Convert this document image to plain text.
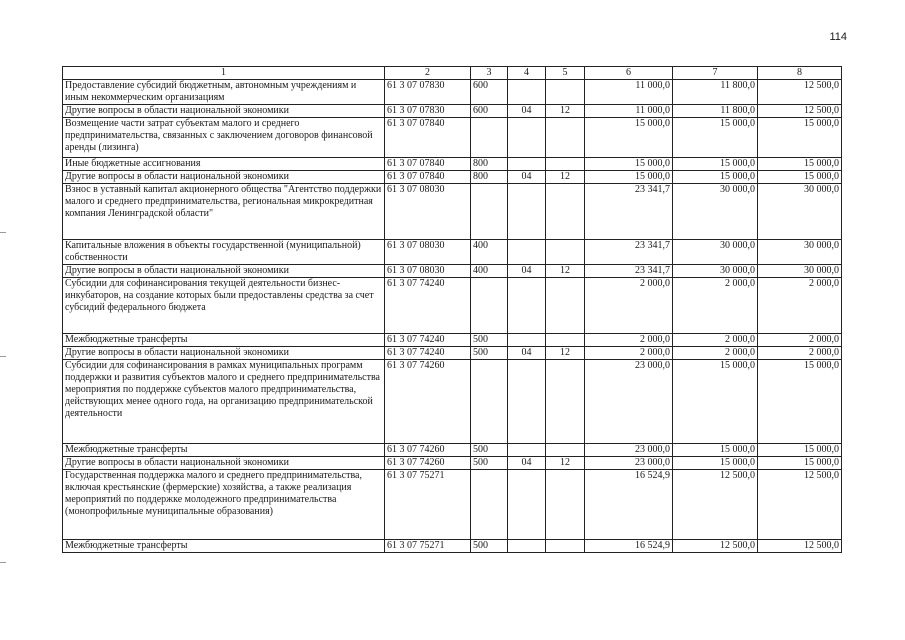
114
1	2	3	4	5	6	7	8
Предоставление субсидий бюджетным, автономным учреждениям и иным некоммерческим организациям	61 3 07 07830	600			11 000,0	11 800,0	12 500,0
Другие вопросы в области национальной экономики	61 3 07 07830	600	04	12	11 000,0	11 800,0	12 500,0
Возмещение части затрат субъектам малого и среднего предпринимательства, связанных с заключением договоров финансовой аренды (лизинга)	61 3 07 07840				15 000,0	15 000,0	15 000,0
Иные бюджетные ассигнования	61 3 07 07840	800			15 000,0	15 000,0	15 000,0
Другие вопросы в области национальной экономики	61 3 07 07840	800	04	12	15 000,0	15 000,0	15 000,0
Взнос в уставный капитал акционерного общества "Агентство поддержки малого и среднего предпринимательства, региональная микрокредитная компания Ленинградской области"	61 3 07 08030				23 341,7	30 000,0	30 000,0
Капитальные вложения в объекты государственной (муниципальной) собственности	61 3 07 08030	400			23 341,7	30 000,0	30 000,0
Другие вопросы в области национальной экономики	61 3 07 08030	400	04	12	23 341,7	30 000,0	30 000,0
Субсидии для софинансирования текущей деятельности бизнес-инкубаторов, на создание которых были предоставлены средства за счет субсидий федерального бюджета	61 3 07 74240				2 000,0	2 000,0	2 000,0
Межбюджетные трансферты	61 3 07 74240	500			2 000,0	2 000,0	2 000,0
Другие вопросы в области национальной экономики	61 3 07 74240	500	04	12	2 000,0	2 000,0	2 000,0
Субсидии для софинансирования в рамках муниципальных программ поддержки и развития субъектов малого и среднего предпринимательства мероприятия по поддержке субъектов малого предпринимательства, действующих менее одного года, на организацию предпринимательской деятельности	61 3 07 74260				23 000,0	15 000,0	15 000,0
Межбюджетные трансферты	61 3 07 74260	500			23 000,0	15 000,0	15 000,0
Другие вопросы в области национальной экономики	61 3 07 74260	500	04	12	23 000,0	15 000,0	15 000,0
Государственная поддержка малого и среднего предпринимательства, включая крестьянские (фермерские) хозяйства, а также реализация мероприятий по поддержке молодежного предпринимательства (монопрофильные муниципальные образования)	61 3 07 75271				16 524,9	12 500,0	12 500,0
Межбюджетные трансферты	61 3 07 75271	500			16 524,9	12 500,0	12 500,0
